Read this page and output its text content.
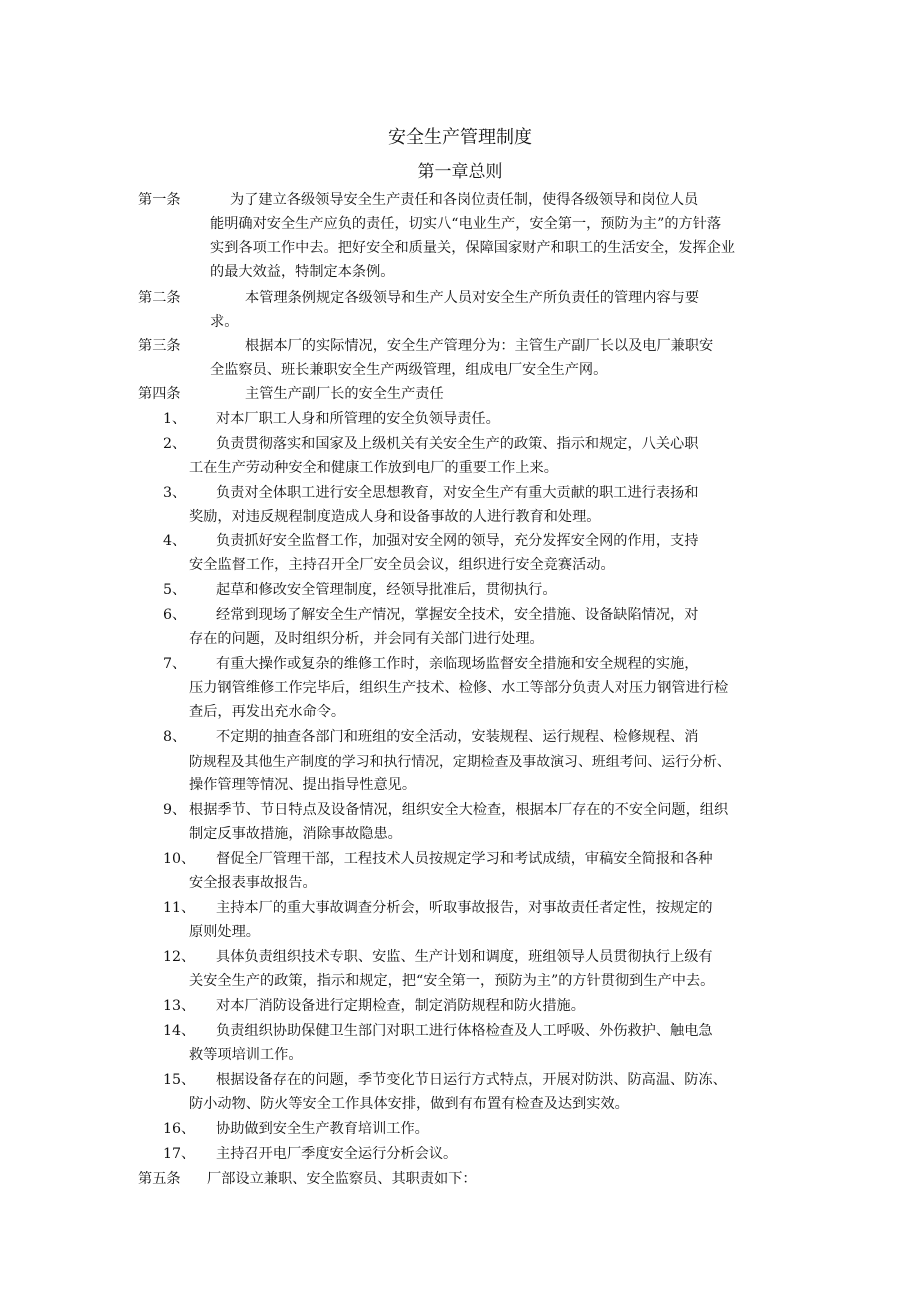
安全生产管理制度
第一章总则
第一条	为了建立各级领导安全生产责任和各岗位责任制，使得各级领导和岗位人员
能明确对安全生产应负的责任，切实八“电业生产，安全第一，预防为主”的方针落
实到各项工作中去。把好安全和质量关，保障国家财产和职工的生活安全，发挥企业
的最大效益，特制定本条例。
第二条	本管理条例规定各级领导和生产人员对安全生产所负责任的管理内容与要
求。
第三条	根据本厂的实际情况，安全生产管理分为：主管生产副厂长以及电厂兼职安
全监察员、班长兼职安全生产两级管理，组成电厂安全生产网。
第四条	主管生产副厂长的安全生产责任
1、 对本厂职工人身和所管理的安全负领导责任。
2、 负责贯彻落实和国家及上级机关有关安全生产的政策、指示和规定，八关心职
工在生产劳动种安全和健康工作放到电厂的重要工作上来。
3、 负责对全体职工进行安全思想教育，对安全生产有重大贡献的职工进行表扬和
奖励，对违反规程制度造成人身和设备事故的人进行教育和处理。
4、 负责抓好安全监督工作，加强对安全网的领导，充分发挥安全网的作用，支持
安全监督工作，主持召开全厂安全员会议，组织进行安全竞赛活动。
5、 起草和修改安全管理制度，经领导批准后，贯彻执行。
6、 经常到现场了解安全生产情况，掌握安全技术，安全措施、设备缺陷情况，对
存在的问题，及时组织分析，并会同有关部门进行处理。
7、 有重大操作或复杂的维修工作时，亲临现场监督安全措施和安全规程的实施，
压力钢管维修工作完毕后，组织生产技术、检修、水工等部分负责人对压力钢管进行检
查后，再发出充水命令。
8、 不定期的抽查各部门和班组的安全活动，安装规程、运行规程、检修规程、消
防规程及其他生产制度的学习和执行情况，定期检查及事故演习、班组考问、运行分析、
操作管理等情况、提出指导性意见。
9、 根据季节、节日特点及设备情况，组织安全大检查，根据本厂存在的不安全问题，组织
制定反事故措施，消除事故隐患。
10、 督促全厂管理干部，工程技术人员按规定学习和考试成绩，审稿安全简报和各种
安全报表事故报告。
11、 主持本厂的重大事故调查分析会，听取事故报告，对事故责任者定性，按规定的
原则处理。
12、 具体负责组织技术专职、安监、生产计划和调度，班组领导人员贯彻执行上级有
关安全生产的政策，指示和规定，把“安全第一，预防为主”的方针贯彻到生产中去。
13、 对本厂消防设备进行定期检查，制定消防规程和防火措施。
14、 负责组织协助保健卫生部门对职工进行体格检查及人工呼吸、外伤救护、触电急
救等项培训工作。
15、 根据设备存在的问题，季节变化节日运行方式特点，开展对防洪、防高温、防冻、
防小动物、防火等安全工作具体安排，做到有布置有检查及达到实效。
16、 协助做到安全生产教育培训工作。
17、 主持召开电厂季度安全运行分析会议。
第五条 厂部设立兼职、安全监察员、其职责如下：
